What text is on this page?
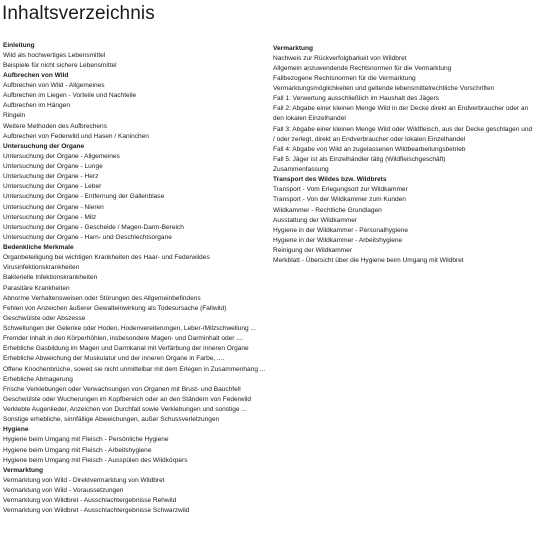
Inhaltsverzeichnis
Einleitung
Wild als hochwertiges Lebensmittel
Beispiele für nicht sichere Lebensmittel
Aufbrechen von Wild
Aufbrechen von Wild - Allgemeines
Aufbrechen im Liegen - Vorteile und Nachteile
Aufbrechen im Hängen
Ringeln
Weitere Methoden des Aufbrechens
Aufbrechen von Federwild und Hasen / Kaninchen
Untersuchung der Organe
Untersuchung der Organe - Allgemeines
Untersuchung der Organe - Lunge
Untersuchung der Organe - Herz
Untersuchung der Organe - Leber
Untersuchung der Organe - Entfernung der Gallenblase
Untersuchung der Organe - Nieren
Untersuchung der Organe - Milz
Untersuchung der Organe - Gescheide / Magen-Darm-Bereich
Untersuchung der Organe - Harn- und Geschlechtsorgane
Bedenkliche Merkmale
Organbeteiligung bei wichtigen Krankheiten des Haar- und Federwildes
Virusinfektionskrankheiten
Bakterielle Infektionskrankheiten
Parasitäre Krankheiten
Abnorme Verhaltensweisen oder Störungen des Allgemeinbefindens
Fehlen von Anzeichen äußerer Gewalteinwirkung als Todesursache (Fallwild)
Geschwülste oder Abszesse
Schwellungen der Gelenke oder Hoden, Hodenvereiterungen, Leber-/Milzschwellung ...
Fremder Inhalt in den Körperhöhlen, insbesondere Magen- und Darminhalt oder ....
Erhebliche Gasbildung im Magen und Darmkanal mit Verfärbung der inneren Organe
Erhebliche Abweichung der Muskulatur und der inneren Organe in Farbe, ....
Offene Knochenbrüche, soweit sie nicht unmittelbar mit dem Erlegen in Zusammenhang ...
Erhebliche Abmagerung
Frische Verklebungen oder Verwachsungen von Organen mit Brust- und Bauchfell
Geschwülste oder Wucherungen im Kopfbereich oder an den Ständern von Federwild
Verklebte Augenlieder, Anzeichen von Durchfall sowie Verklebungen und sonstige ...
Sonstige erhebliche, sinnfällige Abweichungen, außer Schussverletzungen
Hygiene
Hygiene beim Umgang mit Fleisch - Persönliche Hygiene
Hygiene beim Umgang mit Fleisch - Arbeitshygiene
Hygiene beim Umgang mit Fleisch - Ausspülen des Wildkörpers
Vermarktung
Vermarktung von Wild - Direktvermarktung von Wildbret
Vermarktung von Wild - Voraussetzungen
Vermarktung von Wildbret - Ausschlachtergebnisse Rehwild
Vermarktung von Wildbret - Ausschlachtergebnisse Schwarzwild
Vermarktung
Nachweis zur Rückverfolgbarkeit von Wildbret
Allgemein anzuwendende Rechtsnormen für die Vermarktung
Fallbezogene Rechtsnormen für die Vermarktung
Vermarktungsmöglichkeiten und geltende lebensmittelrechtliche Vorschriften
Fall 1: Verwertung ausschließlich im Haushalt des Jägers
Fall 2: Abgabe einer kleinen Menge Wild in der Decke direkt an Endverbraucher oder an den lokalen Einzelhandel
Fall 3: Abgabe einer kleinen Menge Wild oder Wildfleisch, aus der Decke geschlagen und / oder zerlegt, direkt an Endverbraucher oder lokalen Einzelhandel
Fall 4: Abgabe von Wild an zugelassenen Wildbearbeitungsbetrieb
Fall 5: Jäger ist als Einzelhändler tätig (Wildfleischgeschäft)
Zusammenfassung
Transport des Wildes bzw. Wildbrets
Transport - Vom Erlegungsort zur Wildkammer
Transport - Von der Wildkammer zum Kunden
Wildkammer - Rechtliche Grundlagen
Ausstattung der Wildkammer
Hygiene in der Wildkammer - Personalhygiene
Hygiene in der Wildkammer - Arbeitshygiene
Reinigung der Wildkammer
Merkblatt - Übersicht über die Hygiene beim Umgang mit Wildbret
